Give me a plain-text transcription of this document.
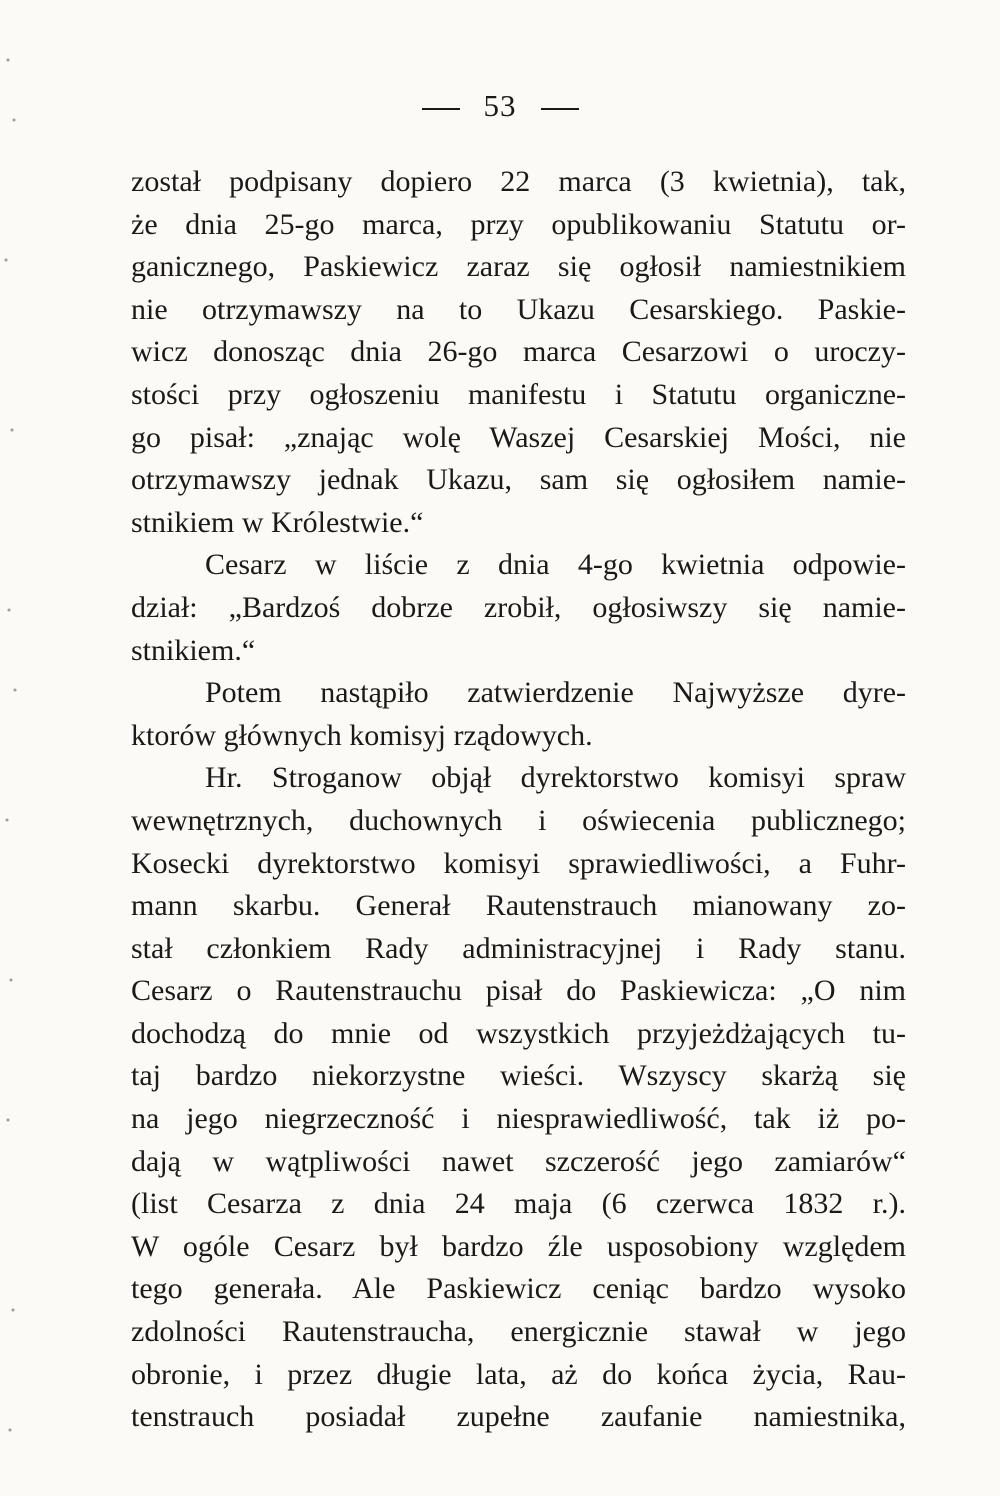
53
został podpisany dopiero 22 marca (3 kwietnia), tak,
że dnia 25-go marca, przy opublikowaniu Statutu or-
ganicznego, Paskiewicz zaraz się ogłosił namiestnikiem
nie otrzymawszy na to Ukazu Cesarskiego. Paskie-
wicz donosząc dnia 26-go marca Cesarzowi o uroczy-
stości przy ogłoszeniu manifestu i Statutu organiczne-
go pisał: „znając wolę Waszej Cesarskiej Mości, nie
otrzymawszy jednak Ukazu, sam się ogłosiłem namie-
stnikiem w Królestwie.“
Cesarz w liście z dnia 4-go kwietnia odpowie-
dział: „Bardzoś dobrze zrobił, ogłosiwszy się namie-
stnikiem.“
Potem nastąpiło zatwierdzenie Najwyższe dyre-
ktorów głównych komisyj rządowych.
Hr. Stroganow objął dyrektorstwo komisyi spraw
wewnętrznych, duchownych i oświecenia publicznego;
Kosecki dyrektorstwo komisyi sprawiedliwości, a Fuhr-
mann skarbu. Generał Rautenstrauch mianowany zo-
stał członkiem Rady administracyjnej i Rady stanu.
Cesarz o Rautenstrauchu pisał do Paskiewicza: „O nim
dochodzą do mnie od wszystkich przyjeżdżających tu-
taj bardzo niekorzystne wieści. Wszyscy skarżą się
na jego niegrzeczność i niesprawiedliwość, tak iż po-
dają w wątpliwości nawet szczerość jego zamiarów“
(list Cesarza z dnia 24 maja (6 czerwca 1832 r.).
W ogóle Cesarz był bardzo źle usposobiony względem
tego generała. Ale Paskiewicz ceniąc bardzo wysoko
zdolności Rautenstraucha, energicznie stawał w jego
obronie, i przez długie lata, aż do końca życia, Rau-
tenstrauch posiadał zupełne zaufanie namiestnika,
